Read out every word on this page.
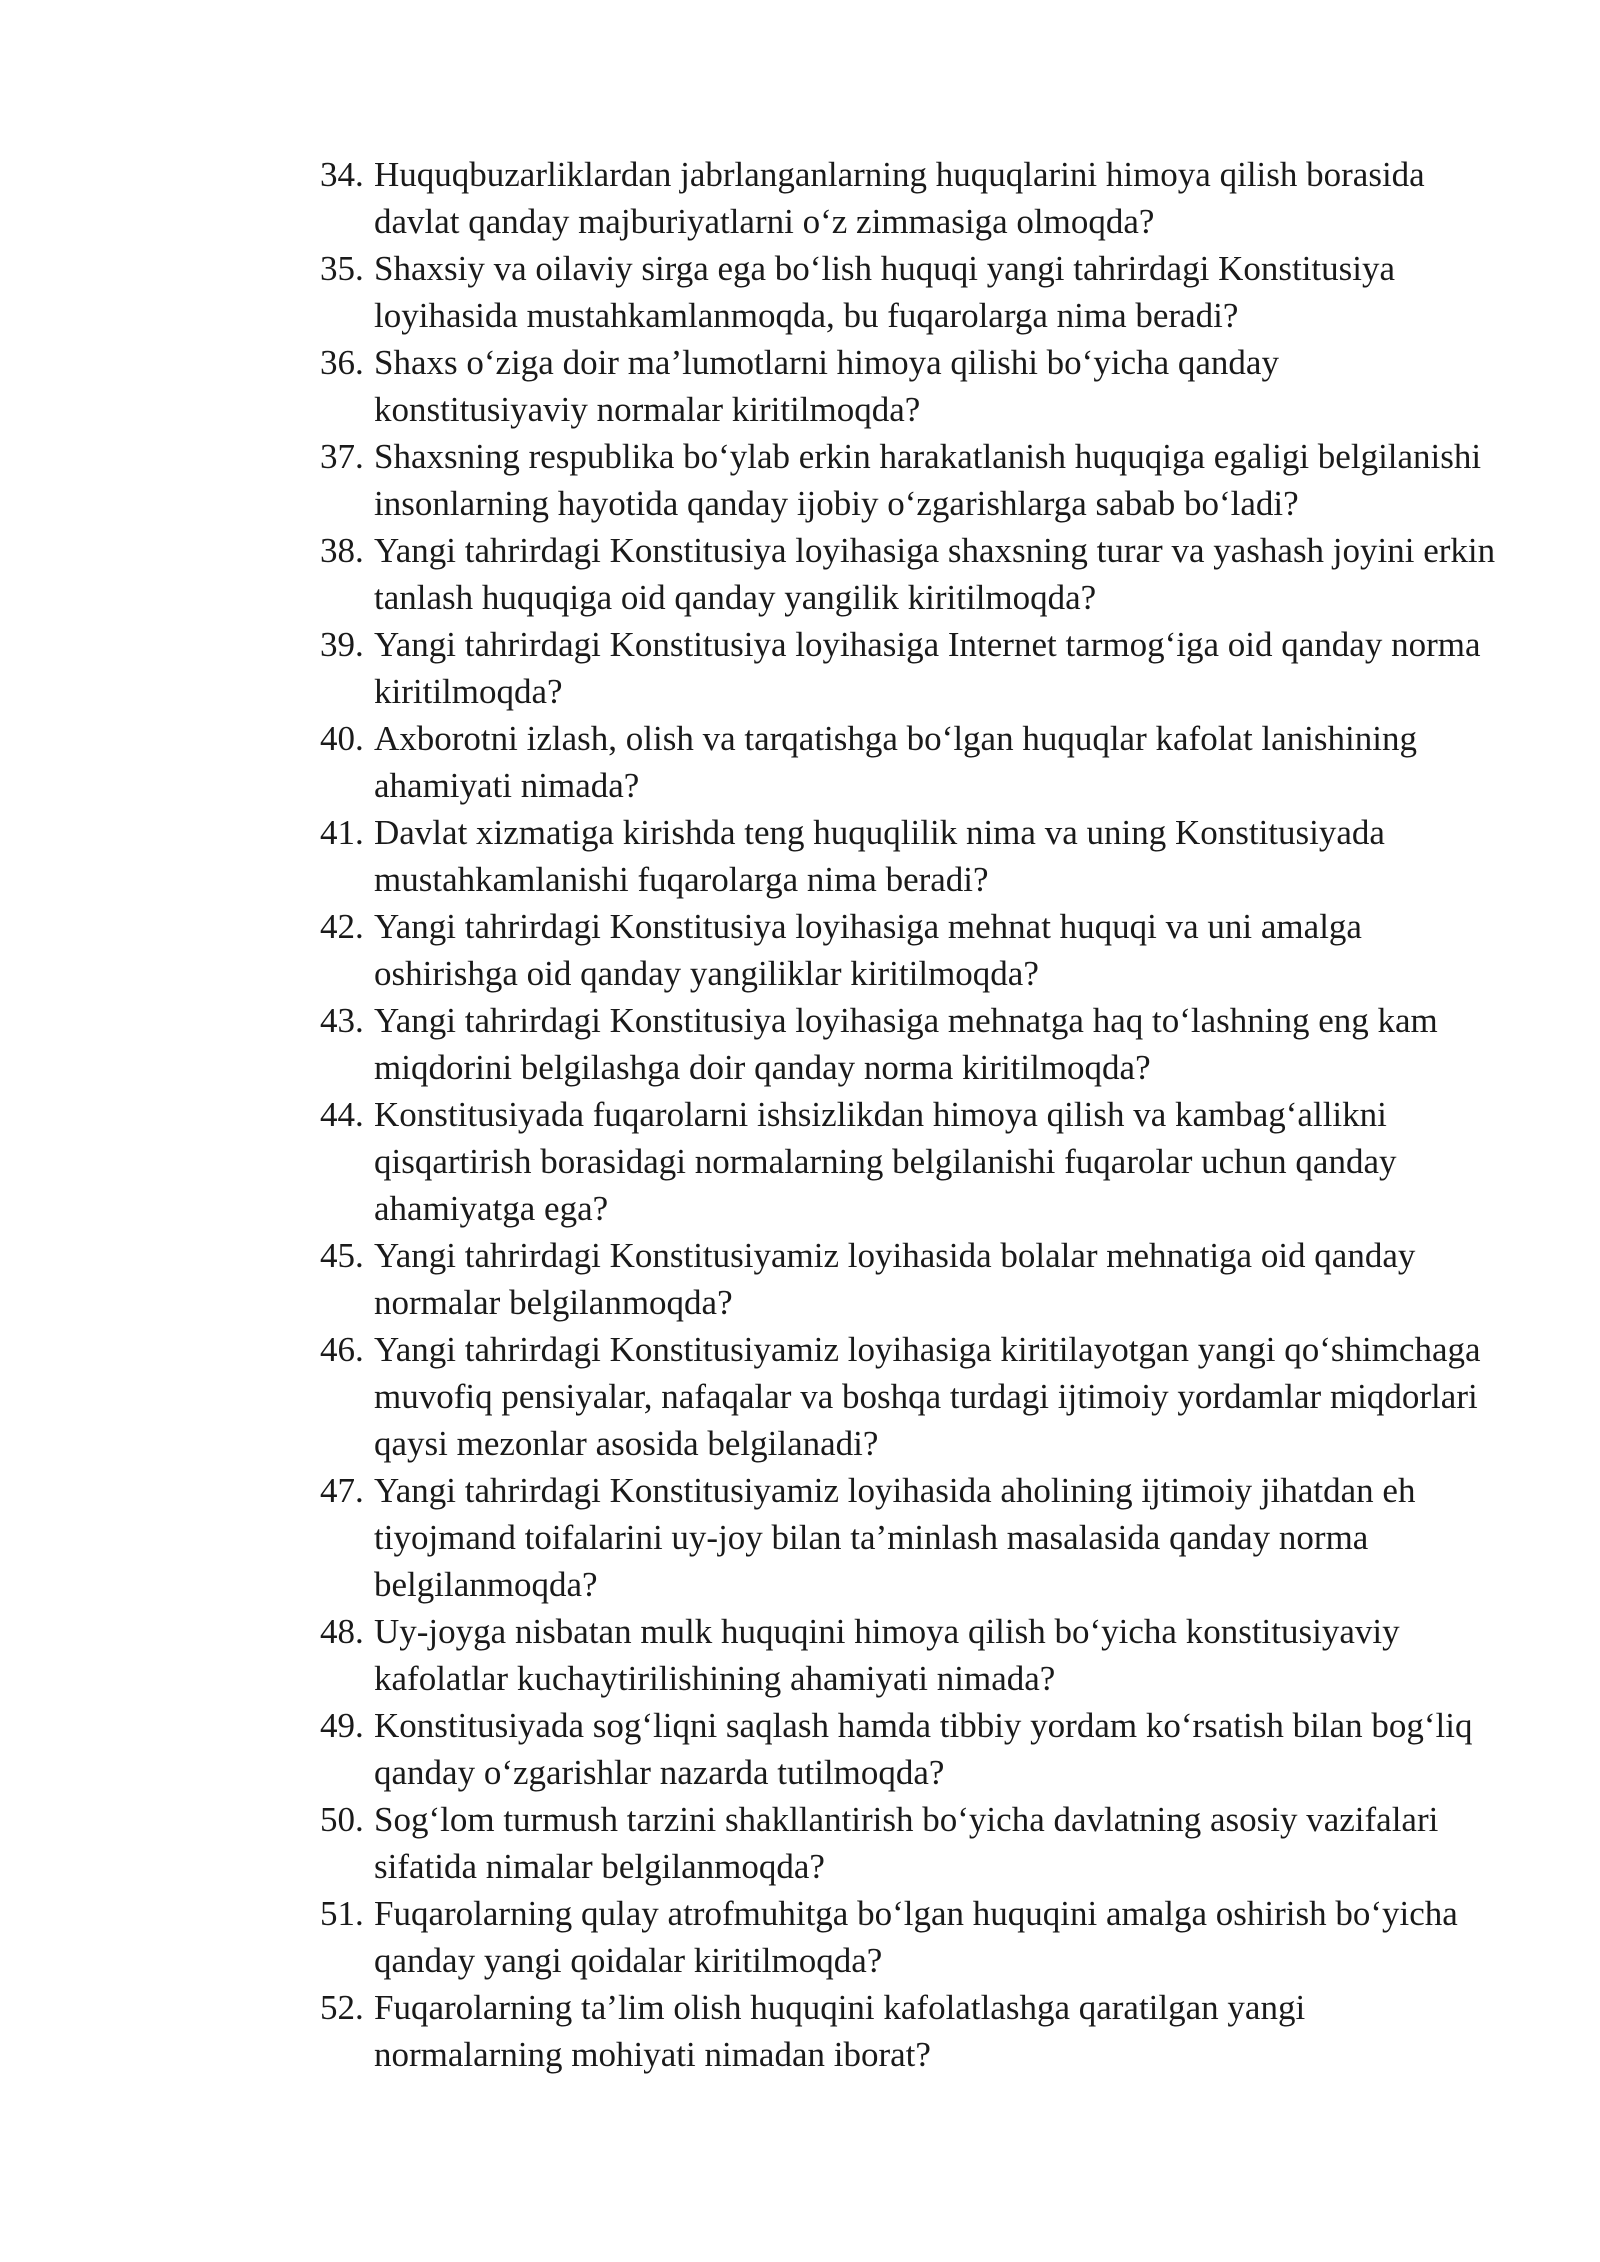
34. Huquqbuzarliklardan jabrlanganlarning huquqlarini himoya qilish borasida davlat qanday majburiyatlarni o‘z zimmasiga olmoqda?
35. Shaxsiy va oilaviy sirga ega bo‘lish huquqi yangi tahrirdagi Konstitusiya loyihasida mustahkamlanmoqda, bu fuqarolarga nima beradi?
36. Shaxs o‘ziga doir ma’lumotlarni himoya qilishi bo‘yicha qanday konstitusiyaviy normalar kiritilmoqda?
37. Shaxsning respublika bo‘ylab erkin harakatlanish huquqiga egaligi belgilanishi insonlarning hayotida qanday ijobiy o‘zgarishlarga sabab bo‘ladi?
38. Yangi tahrirdagi Konstitusiya loyihasiga shaxsning turar va yashash joyini erkin tanlash huquqiga oid qanday yangilik kiritilmoqda?
39. Yangi tahrirdagi Konstitusiya loyihasiga Internet tarmog‘iga oid qanday norma kiritilmoqda?
40. Axborotni izlash, olish va tarqatishga bo‘lgan huquqlar kafolat lanishining ahamiyati nimada?
41. Davlat xizmatiga kirishda teng huquqlilik nima va uning Konstitusiyada mustahkamlanishi fuqarolarga nima beradi?
42. Yangi tahrirdagi Konstitusiya loyihasiga mehnat huquqi va uni amalga oshirishga oid qanday yangiliklar kiritilmoqda?
43. Yangi tahrirdagi Konstitusiya loyihasiga mehnatga haq to‘lashning eng kam miqdorini belgilashga doir qanday norma kiritilmoqda?
44. Konstitusiyada fuqarolarni ishsizlikdan himoya qilish va kambag‘allikni qisqartirish borasidagi normalarning belgilanishi fuqarolar uchun qanday ahamiyatga ega?
45. Yangi tahrirdagi Konstitusiyamiz loyihasida bolalar mehnatiga oid qanday normalar belgilanmoqda?
46. Yangi tahrirdagi Konstitusiyamiz loyihasiga kiritilayotgan yangi qo‘shimchaga muvofiq pensiyalar, nafaqalar va boshqa turdagi ijtimoiy yordamlar miqdorlari qaysi mezonlar asosida belgilanadi?
47. Yangi tahrirdagi Konstitusiyamiz loyihasida aholining ijtimoiy jihatdan eh tiyojmand toifalarini uy-joy bilan ta’minlash masalasida qanday norma belgilanmoqda?
48. Uy-joyga nisbatan mulk huquqini himoya qilish bo‘yicha konstitusiyaviy kafolatlar kuchaytirilishining ahamiyati nimada?
49. Konstitusiyada sog‘liqni saqlash hamda tibbiy yordam ko‘rsatish bilan bog‘liq qanday o‘zgarishlar nazarda tutilmoqda?
50. Sog‘lom turmush tarzini shakllantirish bo‘yicha davlatning asosiy vazifalari sifatida nimalar belgilanmoqda?
51. Fuqarolarning qulay atrofmuhitga bo‘lgan huquqini amalga oshirish bo‘yicha qanday yangi qoidalar kiritilmoqda?
52. Fuqarolarning ta’lim olish huquqini kafolatlashga qaratilgan yangi normalarning mohiyati nimadan iborat?
